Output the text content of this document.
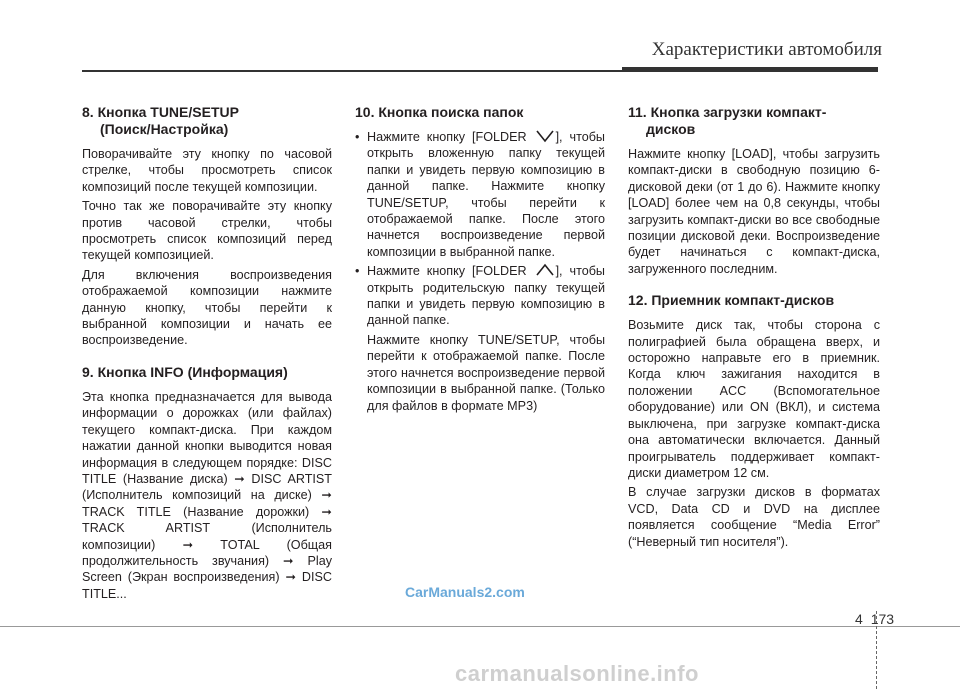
Характеристики автомобиля
8. Кнопка TUNE/SETUP
(Поиск/Настройка)

Поворачивайте эту кнопку по часовой стрелке, чтобы просмотреть список композиций после текущей композиции.

Точно так же поворачивайте эту кнопку против часовой стрелки, чтобы просмотреть список композиций перед текущей композицией.

Для включения воспроизведения отображаемой композиции нажмите данную кнопку, чтобы перейти к выбранной композиции и начать ее воспроизведение.

9. Кнопка INFO (Информация)

Эта кнопка предназначается для вывода информации о дорожках (или файлах) текущего компакт-диска. При каждом нажатии данной кнопки выводится новая информация в следующем порядке: DISC TITLE (Название диска) ➞ DISC ARTIST (Исполнитель композиций на диске) ➞ TRACK TITLE (Название дорожки) ➞ TRACK ARTIST (Исполнитель композиции) ➞ TOTAL (Общая продолжительность звучания) ➞ Play Screen (Экран воспроизведения) ➞ DISC TITLE...

10. Кнопка поиска папок
• Нажмите кнопку [FOLDER ], чтобы открыть вложенную папку текущей папки и увидеть первую композицию в данной папке. Нажмите кнопку TUNE/SETUP, чтобы перейти к отображаемой папке. После этого начнется воспроизведение первой композиции в выбранной папке.
• Нажмите кнопку [FOLDER ], чтобы открыть родительскую папку текущей папки и увидеть первую композицию в данной папке.
Нажмите кнопку TUNE/SETUP, чтобы перейти к отображаемой папке. После этого начнется воспроизведение первой композиции в выбранной папке. (Только для файлов в формате MP3)
11. Кнопка загрузки компакт-
дисков

Нажмите кнопку [LOAD], чтобы загрузить компакт-диски в свободную позицию 6-дисковой деки (от 1 до 6). Нажмите кнопку [LOAD] более чем на 0,8 секунды, чтобы загрузить компакт-диски во все свободные позиции дисковой деки. Воспроизведение будет начинаться с компакт-диска, загруженного последним.

12. Приемник компакт-дисков

Возьмите диск так, чтобы сторона с полиграфией была обращена вверх, и осторожно направьте его в приемник. Когда ключ зажигания находится в положении ACC (Вспомогательное оборудование) или ON (ВКЛ), и система выключена, при загрузке компакт-диска она автоматически включается. Данный проигрыватель поддерживает компакт-диски диаметром 12 см.

В случае загрузки дисков в форматах VCD, Data CD и DVD на дисплее появляется сообщение “Media Error” (“Неверный тип носителя”).

CarManuals2.com
4 173
carmanualsonline.info
